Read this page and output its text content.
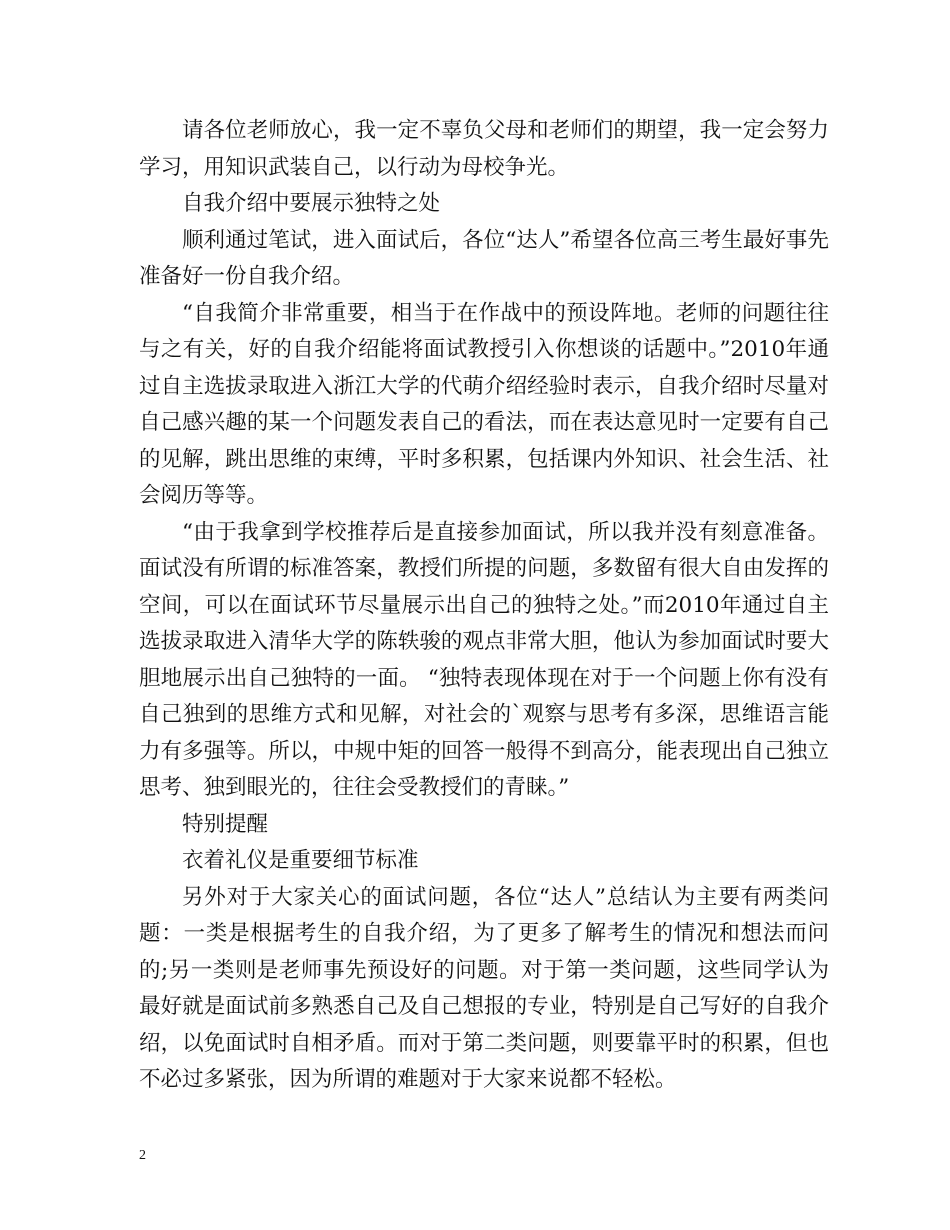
请各位老师放心，我一定不辜负父母和老师们的期望，我一定会努力学习，用知识武装自己，以行动为母校争光。

自我介绍中要展示独特之处

顺利通过笔试，进入面试后，各位“达人”希望各位高三考生最好事先准备好一份自我介绍。

“自我简介非常重要，相当于在作战中的预设阵地。老师的问题往往与之有关，好的自我介绍能将面试教授引入你想谈的话题中。”2010年通过自主选拔录取进入浙江大学的代萌介绍经验时表示，自我介绍时尽量对自己感兴趣的某一个问题发表自己的看法，而在表达意见时一定要有自己的见解，跳出思维的束缚，平时多积累，包括课内外知识、社会生活、社会阅历等等。

“由于我拿到学校推荐后是直接参加面试，所以我并没有刻意准备。面试没有所谓的标准答案，教授们所提的问题，多数留有很大自由发挥的空间，可以在面试环节尽量展示出自己的独特之处。”而2010年通过自主选拔录取进入清华大学的陈轶骏的观点非常大胆，他认为参加面试时要大胆地展示出自己独特的一面。 “独特表现体现在对于一个问题上你有没有自己独到的思维方式和见解，对社会的`观察与思考有多深，思维语言能力有多强等。所以，中规中矩的回答一般得不到高分，能表现出自己独立思考、独到眼光的，往往会受教授们的青睐。”

特别提醒

衣着礼仪是重要细节标准

另外对于大家关心的面试问题，各位“达人”总结认为主要有两类问题：一类是根据考生的自我介绍，为了更多了解考生的情况和想法而问的;另一类则是老师事先预设好的问题。对于第一类问题，这些同学认为最好就是面试前多熟悉自己及自己想报的专业，特别是自己写好的自我介绍，以免面试时自相矛盾。而对于第二类问题，则要靠平时的积累，但也不必过多紧张，因为所谓的难题对于大家来说都不轻松。

2
